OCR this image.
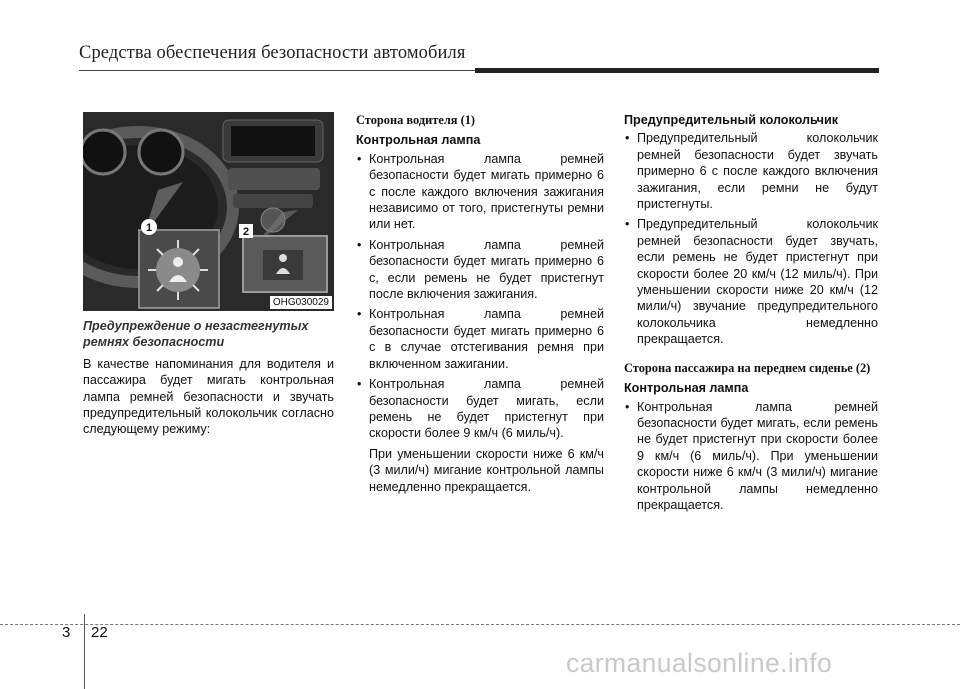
Средства обеспечения безопасности автомобиля
1	2
OHG030029

Предупреждение о незастегнутых ремнях безопасности

В качестве напоминания для водителя и пассажира будет мигать контрольная лампа ремней безопасности и звучать предупредительный колокольчик согласно следующему режиму:

Сторона водителя (1)

Контрольная лампа

• Контрольная лампа ремней безопасности будет мигать примерно 6 с после каждого включения зажигания независимо от того, пристегнуты ремни или нет.
• Контрольная лампа ремней безопасности будет мигать примерно 6 с, если ремень не будет пристегнут после включения зажигания.
• Контрольная лампа ремней безопасности будет мигать примерно 6 с в случае отстегивания ремня при включенном зажигании.
• Контрольная лампа ремней безопасности будет мигать, если ремень не будет пристегнут при скорости более 9 км/ч (6 миль/ч).

При уменьшении скорости ниже 6 км/ч (3 мили/ч) мигание контрольной лампы немедленно прекращается.

Предупредительный колокольчик

• Предупредительный колокольчик ремней безопасности будет звучать примерно 6 с после каждого включения зажигания, если ремни не будут пристегнуты.
• Предупредительный колокольчик ремней безопасности будет звучать, если ремень не будет пристегнут при скорости более 20 км/ч (12 миль/ч). При уменьшении скорости ниже 20 км/ч (12 мили/ч) звучание предупредительного колокольчика немедленно прекращается.

Сторона пассажира на переднем сиденье (2)

Контрольная лампа

• Контрольная лампа ремней безопасности будет мигать, если ремень не будет пристегнут при скорости более 9 км/ч (6 миль/ч). При уменьшении скорости ниже 6 км/ч (3 мили/ч) мигание контрольной лампы немедленно прекращается.
3 22
carmanualsonline.info
